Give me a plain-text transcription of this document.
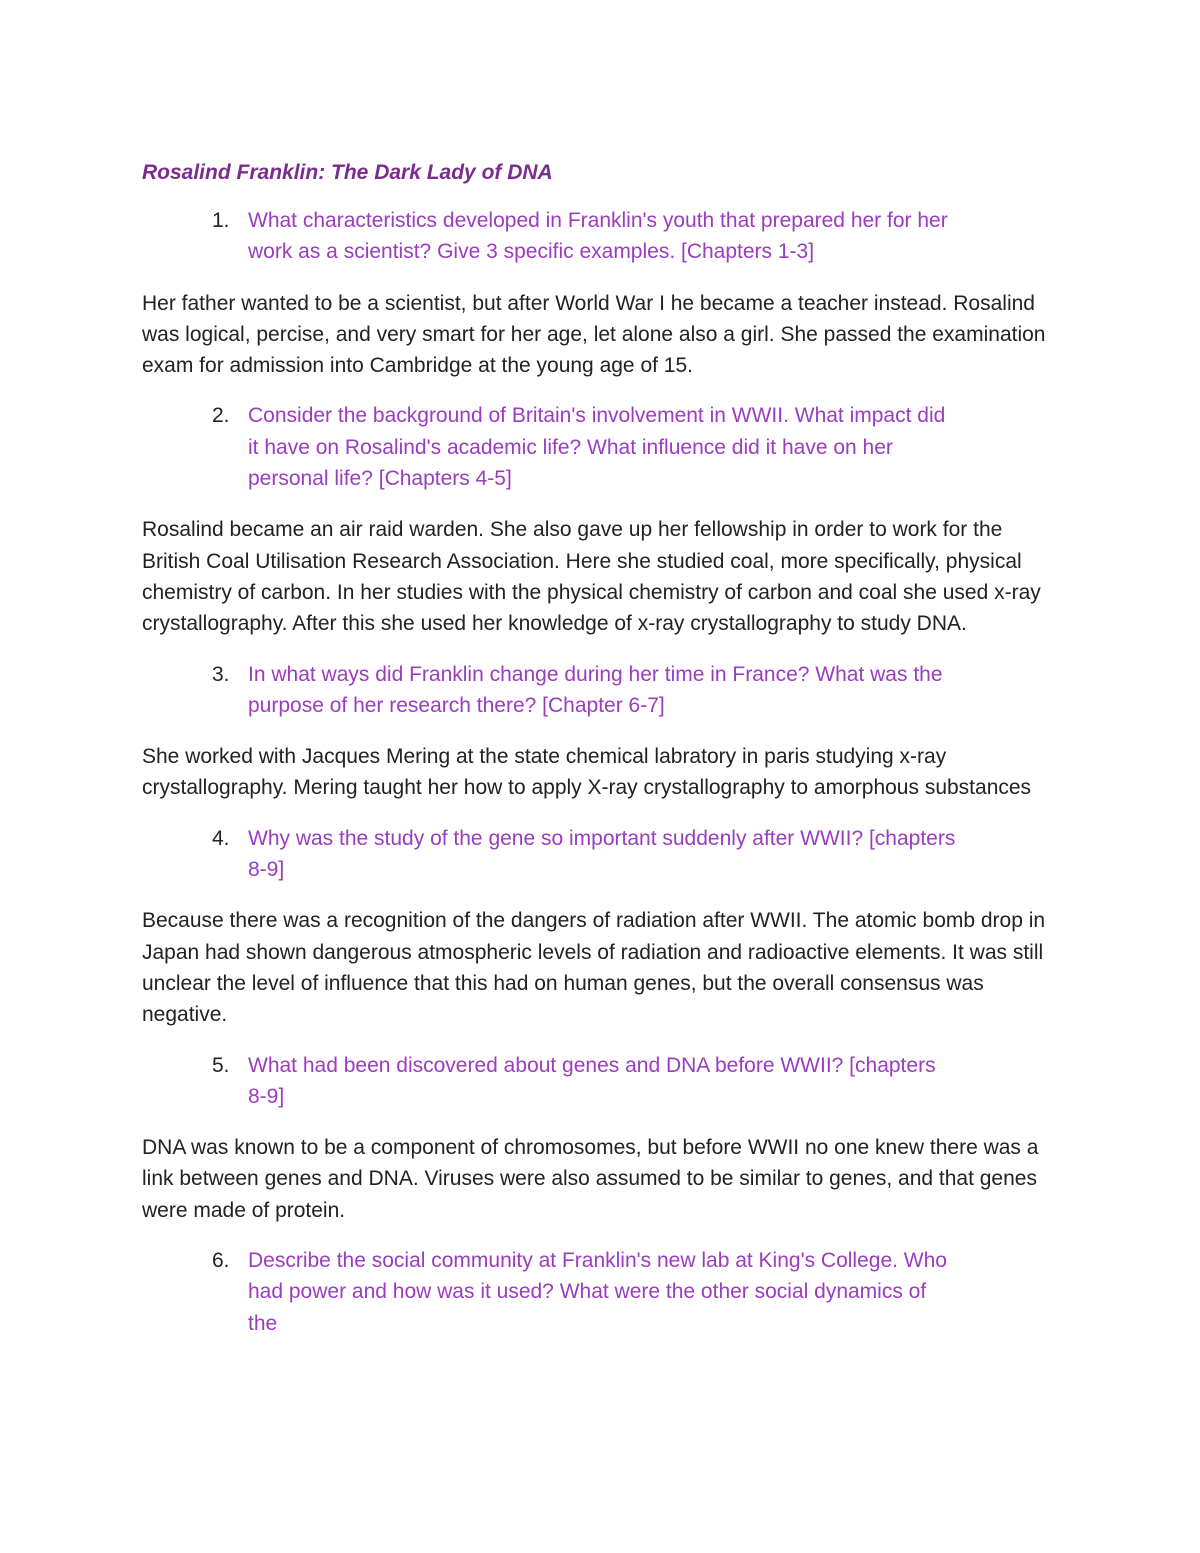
Rosalind Franklin: The Dark Lady of DNA

1. What characteristics developed in Franklin's youth that prepared her for her work as a scientist? Give 3 specific examples. [Chapters 1-3]

Her father wanted to be a scientist, but after World War I he became a teacher instead. Rosalind was logical, percise, and very smart for her age, let alone also a girl. She passed the examination exam for admission into Cambridge at the young age of 15.

2. Consider the background of Britain's involvement in WWII. What impact did it have on Rosalind's academic life? What influence did it have on her personal life? [Chapters 4-5]

Rosalind became an air raid warden. She also gave up her fellowship in order to work for the British Coal Utilisation Research Association. Here she studied coal, more specifically, physical chemistry of carbon. In her studies with the physical chemistry of carbon and coal she used x-ray crystallography. After this she used her knowledge of x-ray crystallography to study DNA.

3. In what ways did Franklin change during her time in France? What was the purpose of her research there? [Chapter 6-7]

She worked with Jacques Mering at the state chemical labratory in paris studying x-ray crystallography. Mering taught her how to apply X-ray crystallography to amorphous substances

4. Why was the study of the gene so important suddenly after WWII? [chapters 8-9]

Because there was a recognition of the dangers of radiation after WWII. The atomic bomb drop in Japan had shown dangerous atmospheric levels of radiation and radioactive elements. It was still unclear the level of influence that this had on human genes, but the overall consensus was negative.

5. What had been discovered about genes and DNA before WWII? [chapters 8-9]

DNA was known to be a component of chromosomes, but before WWII no one knew there was a link between genes and DNA. Viruses were also assumed to be similar to genes, and that genes were made of protein.

6. Describe the social community at Franklin's new lab at King's College. Who had power and how was it used? What were the other social dynamics of the
